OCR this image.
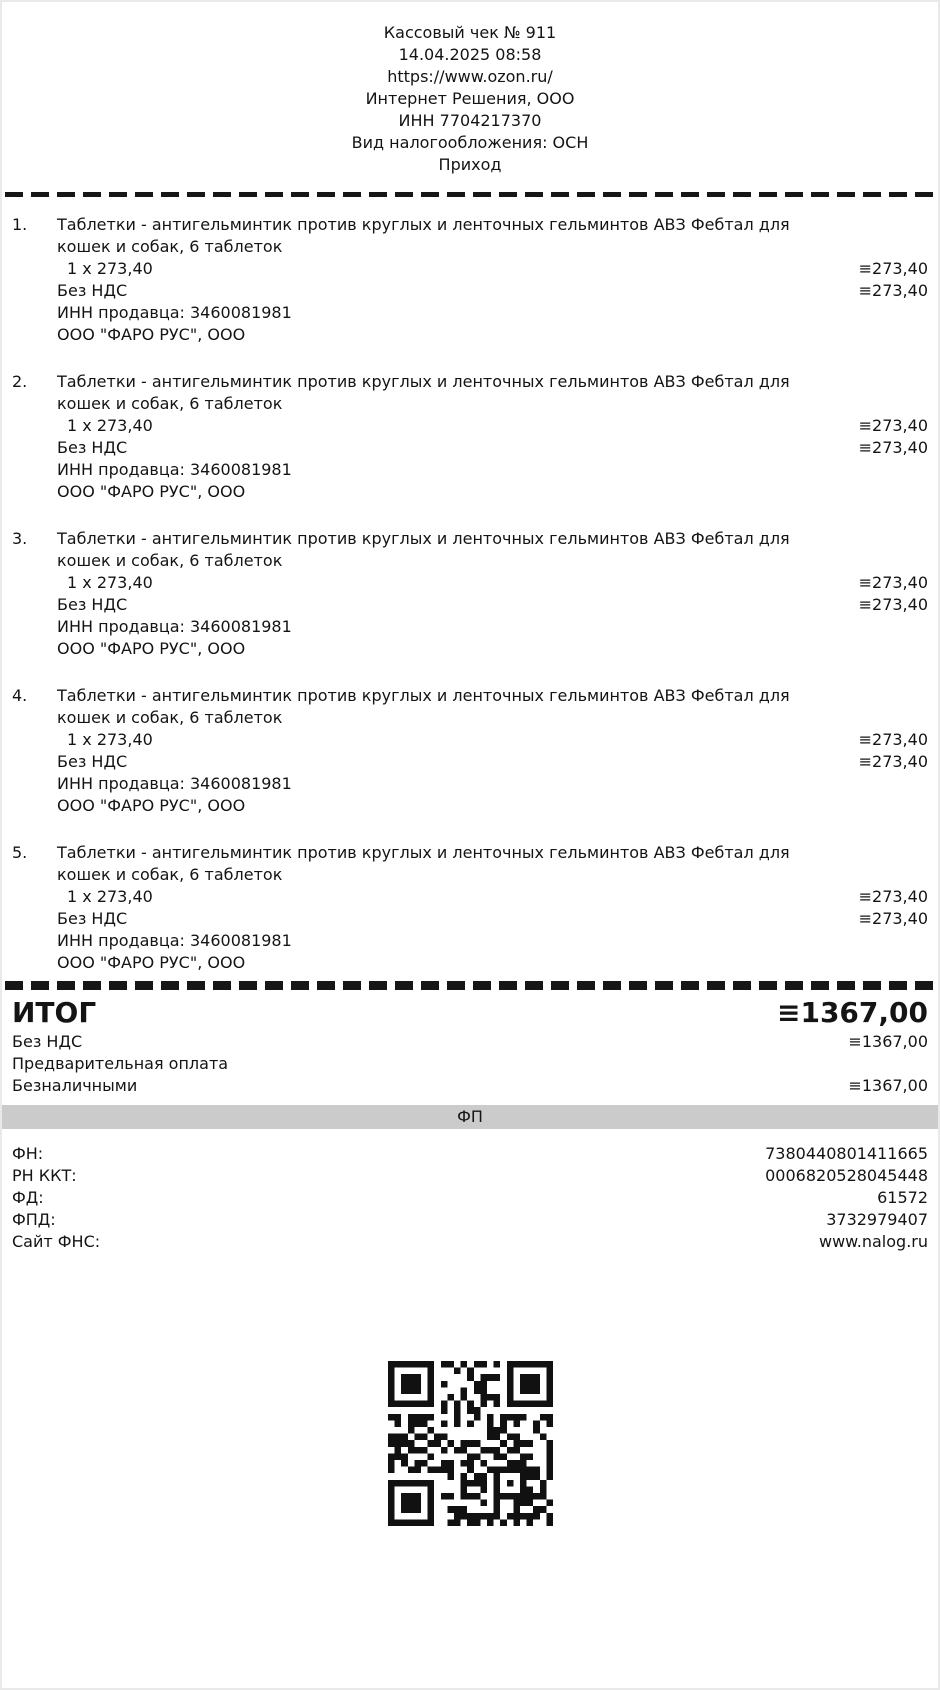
Кассовый чек № 911
14.04.2025 08:58
https://www.ozon.ru/
Интернет Решения, ООО
ИНН 7704217370
Вид налогообложения: ОСН
Приход
1.	Таблетки - антигельминтик против круглых и ленточных гельминтов АВЗ Фебтал для кошек и собак, 6 таблеток
1 x 273,40	≡273,40
Без НДС	≡273,40
ИНН продавца: 3460081981
ООО "ФАРО РУС", ООО
2.	Таблетки - антигельминтик против круглых и ленточных гельминтов АВЗ Фебтал для кошек и собак, 6 таблеток
1 x 273,40	≡273,40
Без НДС	≡273,40
ИНН продавца: 3460081981
ООО "ФАРО РУС", ООО
3.	Таблетки - антигельминтик против круглых и ленточных гельминтов АВЗ Фебтал для кошек и собак, 6 таблеток
1 x 273,40	≡273,40
Без НДС	≡273,40
ИНН продавца: 3460081981
ООО "ФАРО РУС", ООО
4.	Таблетки - антигельминтик против круглых и ленточных гельминтов АВЗ Фебтал для кошек и собак, 6 таблеток
1 x 273,40	≡273,40
Без НДС	≡273,40
ИНН продавца: 3460081981
ООО "ФАРО РУС", ООО
5.	Таблетки - антигельминтик против круглых и ленточных гельминтов АВЗ Фебтал для кошек и собак, 6 таблеток
1 x 273,40	≡273,40
Без НДС	≡273,40
ИНН продавца: 3460081981
ООО "ФАРО РУС", ООО
ИТОГ	≡1367,00
Без НДС	≡1367,00
Предварительная оплата
Безналичными	≡1367,00
ФП
ФН:	7380440801411665
РН ККТ:	0006820528045448
ФД:	61572
ФПД:	3732979407
Сайт ФНС:	www.nalog.ru
